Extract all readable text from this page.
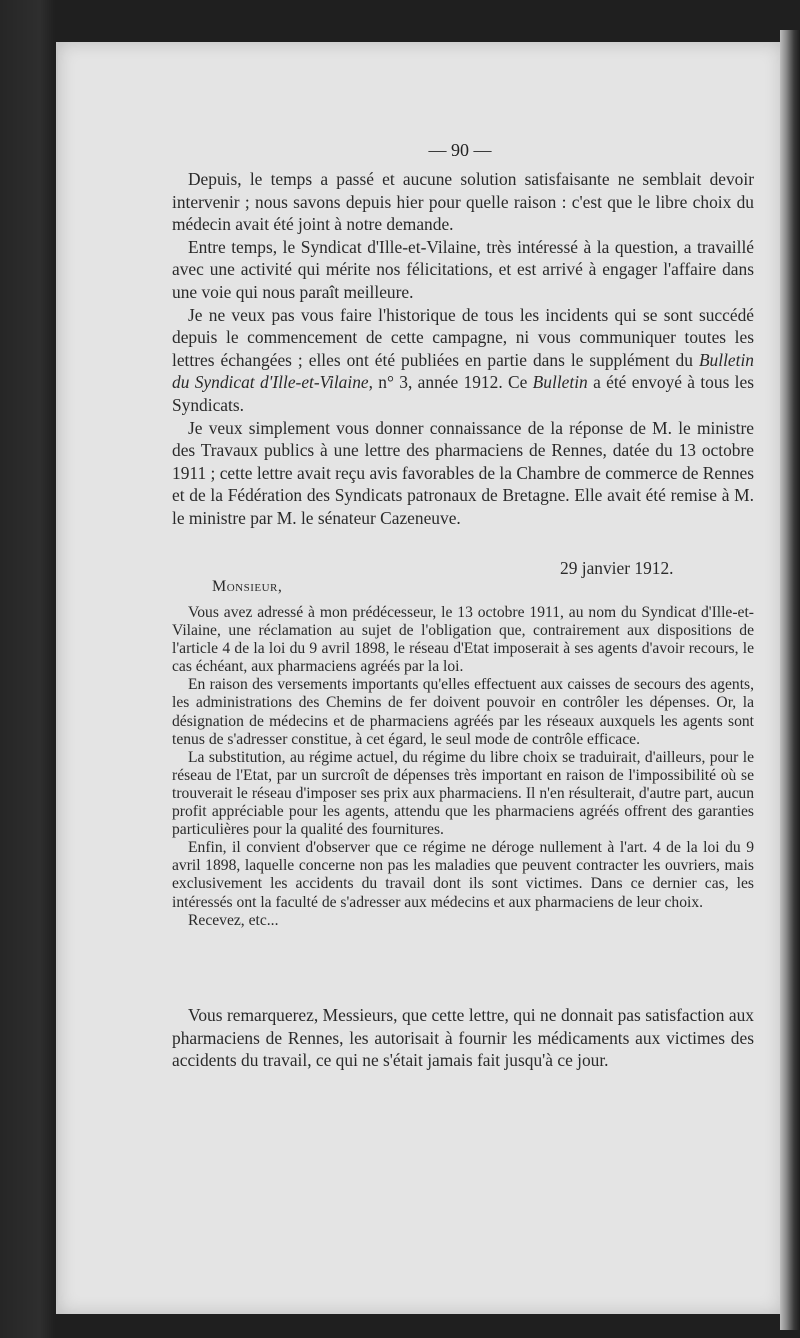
— 90 —

Depuis, le temps a passé et aucune solution satisfaisante ne semblait devoir intervenir ; nous savons depuis hier pour quelle raison : c'est que le libre choix du médecin avait été joint à notre demande.

Entre temps, le Syndicat d'Ille-et-Vilaine, très intéressé à la question, a travaillé avec une activité qui mérite nos félicitations, et est arrivé à engager l'affaire dans une voie qui nous paraît meilleure.

Je ne veux pas vous faire l'historique de tous les incidents qui se sont succédé depuis le commencement de cette campagne, ni vous communiquer toutes les lettres échangées ; elles ont été publiées en partie dans le supplément du Bulletin du Syndicat d'Ille-et-Vilaine, n° 3, année 1912. Ce Bulletin a été envoyé à tous les Syndicats.

Je veux simplement vous donner connaissance de la réponse de M. le ministre des Travaux publics à une lettre des pharmaciens de Rennes, datée du 13 octobre 1911 ; cette lettre avait reçu avis favorables de la Chambre de commerce de Rennes et de la Fédération des Syndicats patronaux de Bretagne. Elle avait été remise à M. le ministre par M. le sénateur Cazeneuve.

29 janvier 1912.
Monsieur,

Vous avez adressé à mon prédécesseur, le 13 octobre 1911, au nom du Syndicat d'Ille-et-Vilaine, une réclamation au sujet de l'obligation que, contrairement aux dispositions de l'article 4 de la loi du 9 avril 1898, le réseau d'Etat imposerait à ses agents d'avoir recours, le cas échéant, aux pharmaciens agréés par la loi.

En raison des versements importants qu'elles effectuent aux caisses de secours des agents, les administrations des Chemins de fer doivent pouvoir en contrôler les dépenses. Or, la désignation de médecins et de pharmaciens agréés par les réseaux auxquels les agents sont tenus de s'adresser constitue, à cet égard, le seul mode de contrôle efficace.

La substitution, au régime actuel, du régime du libre choix se traduirait, d'ailleurs, pour le réseau de l'Etat, par un surcroît de dépenses très important en raison de l'impossibilité où se trouverait le réseau d'imposer ses prix aux pharmaciens. Il n'en résulterait, d'autre part, aucun profit appréciable pour les agents, attendu que les pharmaciens agréés offrent des garanties particulières pour la qualité des fournitures.

Enfin, il convient d'observer que ce régime ne déroge nullement à l'art. 4 de la loi du 9 avril 1898, laquelle concerne non pas les maladies que peuvent contracter les ouvriers, mais exclusivement les accidents du travail dont ils sont victimes. Dans ce dernier cas, les intéressés ont la faculté de s'adresser aux médecins et aux pharmaciens de leur choix.

Recevez, etc...

Vous remarquerez, Messieurs, que cette lettre, qui ne donnait pas satisfaction aux pharmaciens de Rennes, les autorisait à fournir les médicaments aux victimes des accidents du travail, ce qui ne s'était jamais fait jusqu'à ce jour.
